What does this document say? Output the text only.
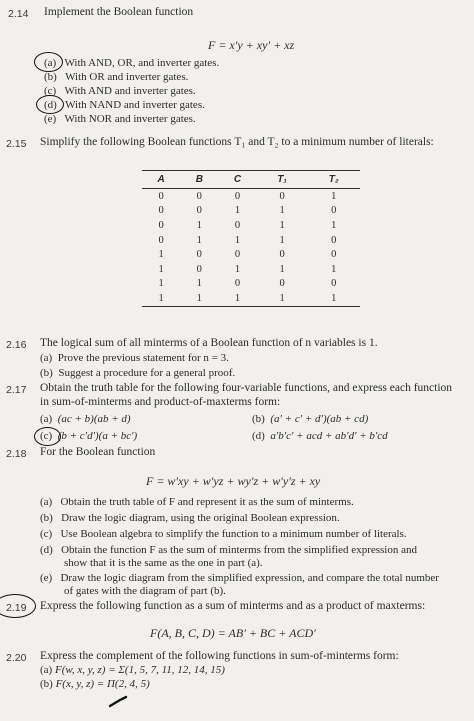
2.14 Implement the Boolean function
F = x′y + xy′ + xz
(a) With AND, OR, and inverter gates.
(b) With OR and inverter gates.
(c) With AND and inverter gates.
(d) With NAND and inverter gates.
(e) With NOR and inverter gates.
2.15 Simplify the following Boolean functions T₁ and T₂ to a minimum number of literals:
A	B	C	T₁	T₂
0	0	0	0	1
0	0	1	1	0
0	1	0	1	1
0	1	1	1	0
1	0	0	0	0
1	0	1	1	1
1	1	0	0	0
1	1	1	1	1
2.16 The logical sum of all minterms of a Boolean function of n variables is 1.
(a) Prove the previous statement for n = 3.
(b) Suggest a procedure for a general proof.
2.17 Obtain the truth table for the following four-variable functions, and express each function
in sum-of-minterms and product-of-maxterms form:
(a) (ac + b)(ab + d)	(b) (a′ + c′ + d′)(ab + cd)
(c) (b + c′d′)(a + bc′)	(d) a′b′c′ + acd + ab′d′ + b′cd
2.18 For the Boolean function
F = w′xy + w′yz + wy′z + w′y′z + xy
(a) Obtain the truth table of F and represent it as the sum of minterms.
(b) Draw the logic diagram, using the original Boolean expression.
(c) Use Boolean algebra to simplify the function to a minimum number of literals.
(d) Obtain the function F as the sum of minterms from the simplified expression and
show that it is the same as the one in part (a).
(e) Draw the logic diagram from the simplified expression, and compare the total number
of gates with the diagram of part (b).
2.19 Express the following function as a sum of minterms and as a product of maxterms:
F(A, B, C, D) = AB′ + BC + ACD′
2.20 Express the complement of the following functions in sum-of-minterms form:
(a) F(w, x, y, z) = Σ(1, 5, 7, 11, 12, 14, 15)
(b) F(x, y, z) = Π(2, 4, 5)
